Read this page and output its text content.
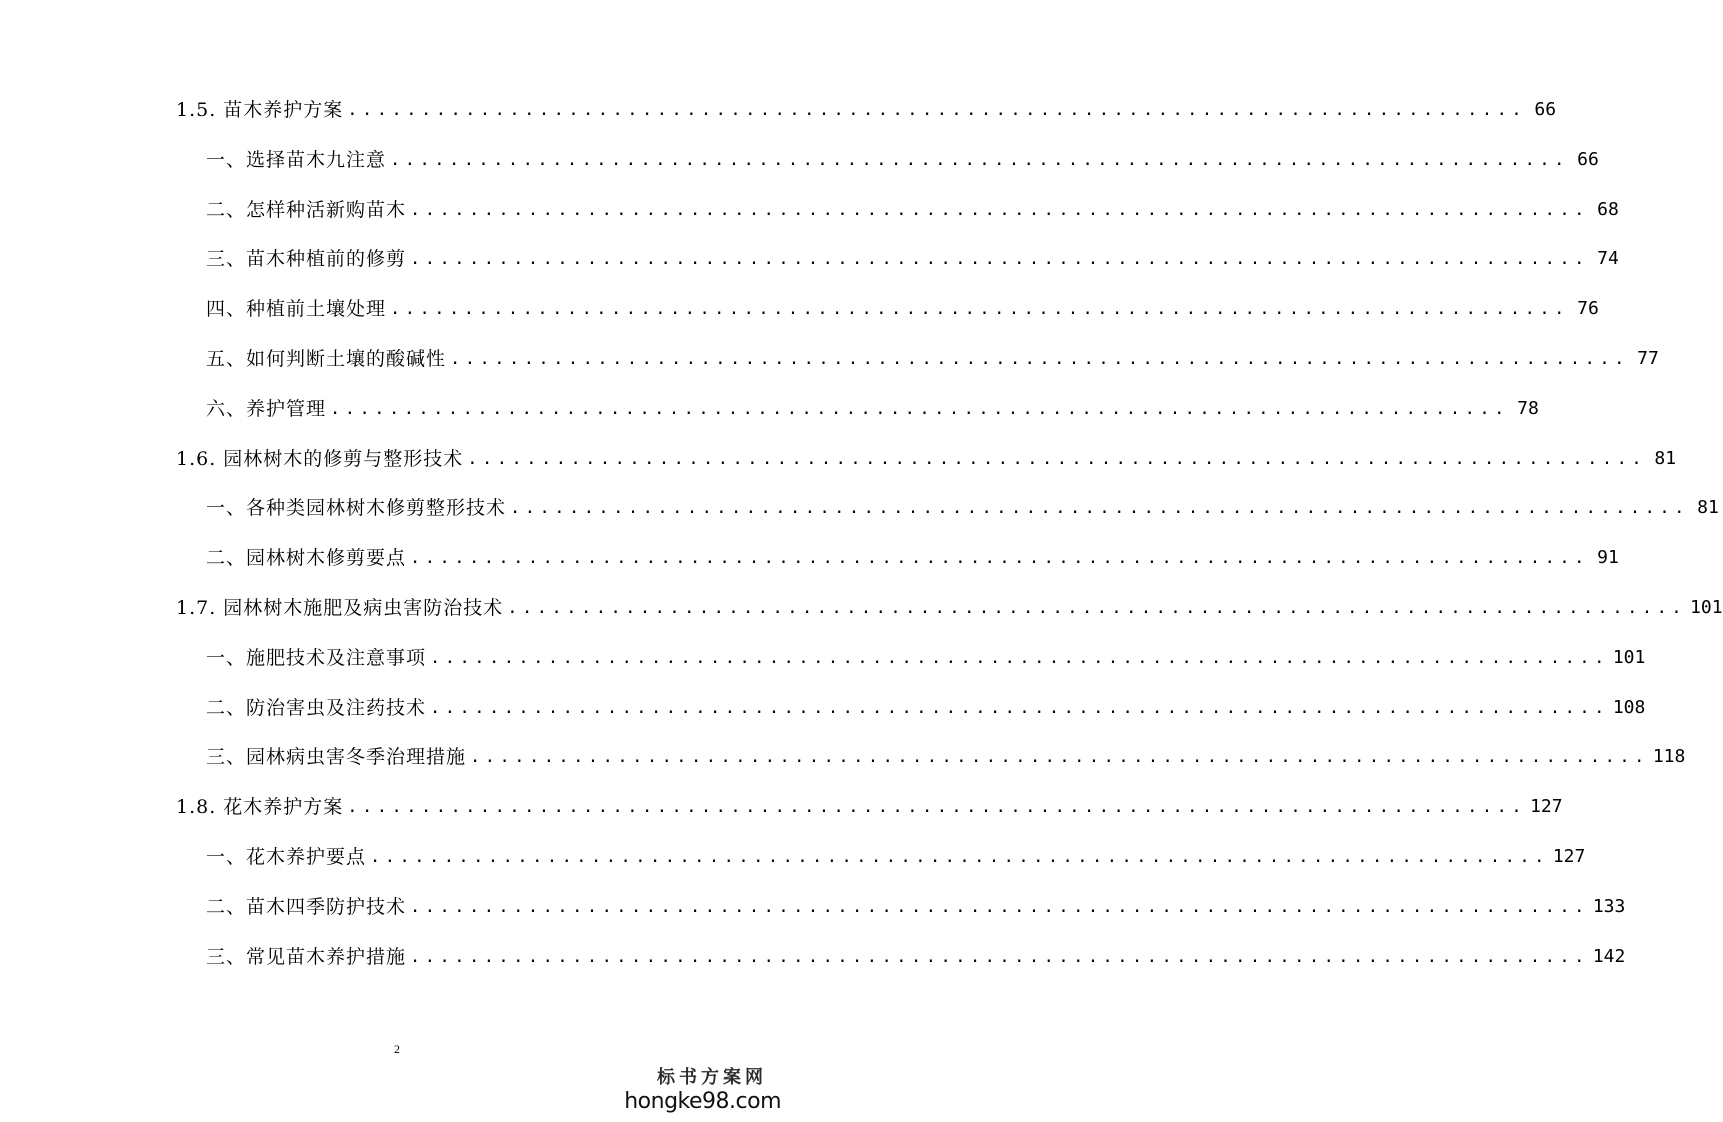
1.5. 苗木养护方案 ................................................................................ 66
一、选择苗木九注意 ................................................................................ 66
二、怎样种活新购苗木 ................................................................................ 68
三、苗木种植前的修剪 ................................................................................ 74
四、种植前土壤处理 ................................................................................ 76
五、如何判断土壤的酸碱性 ................................................................................ 77
六、养护管理 ................................................................................ 78
1.6. 园林树木的修剪与整形技术 ................................................................................ 81
一、各种类园林树木修剪整形技术 ................................................................................ 81
二、园林树木修剪要点 ................................................................................ 91
1.7. 园林树木施肥及病虫害防治技术 ................................................................................ 101
一、施肥技术及注意事项 ................................................................................ 101
二、防治害虫及注药技术 ................................................................................ 108
三、园林病虫害冬季治理措施 ................................................................................ 118
1.8. 花木养护方案 ................................................................................ 127
一、花木养护要点 ................................................................................ 127
二、苗木四季防护技术 ................................................................................ 133
三、常见苗木养护措施 ................................................................................ 142
2
标书方案网
hongke98.com
